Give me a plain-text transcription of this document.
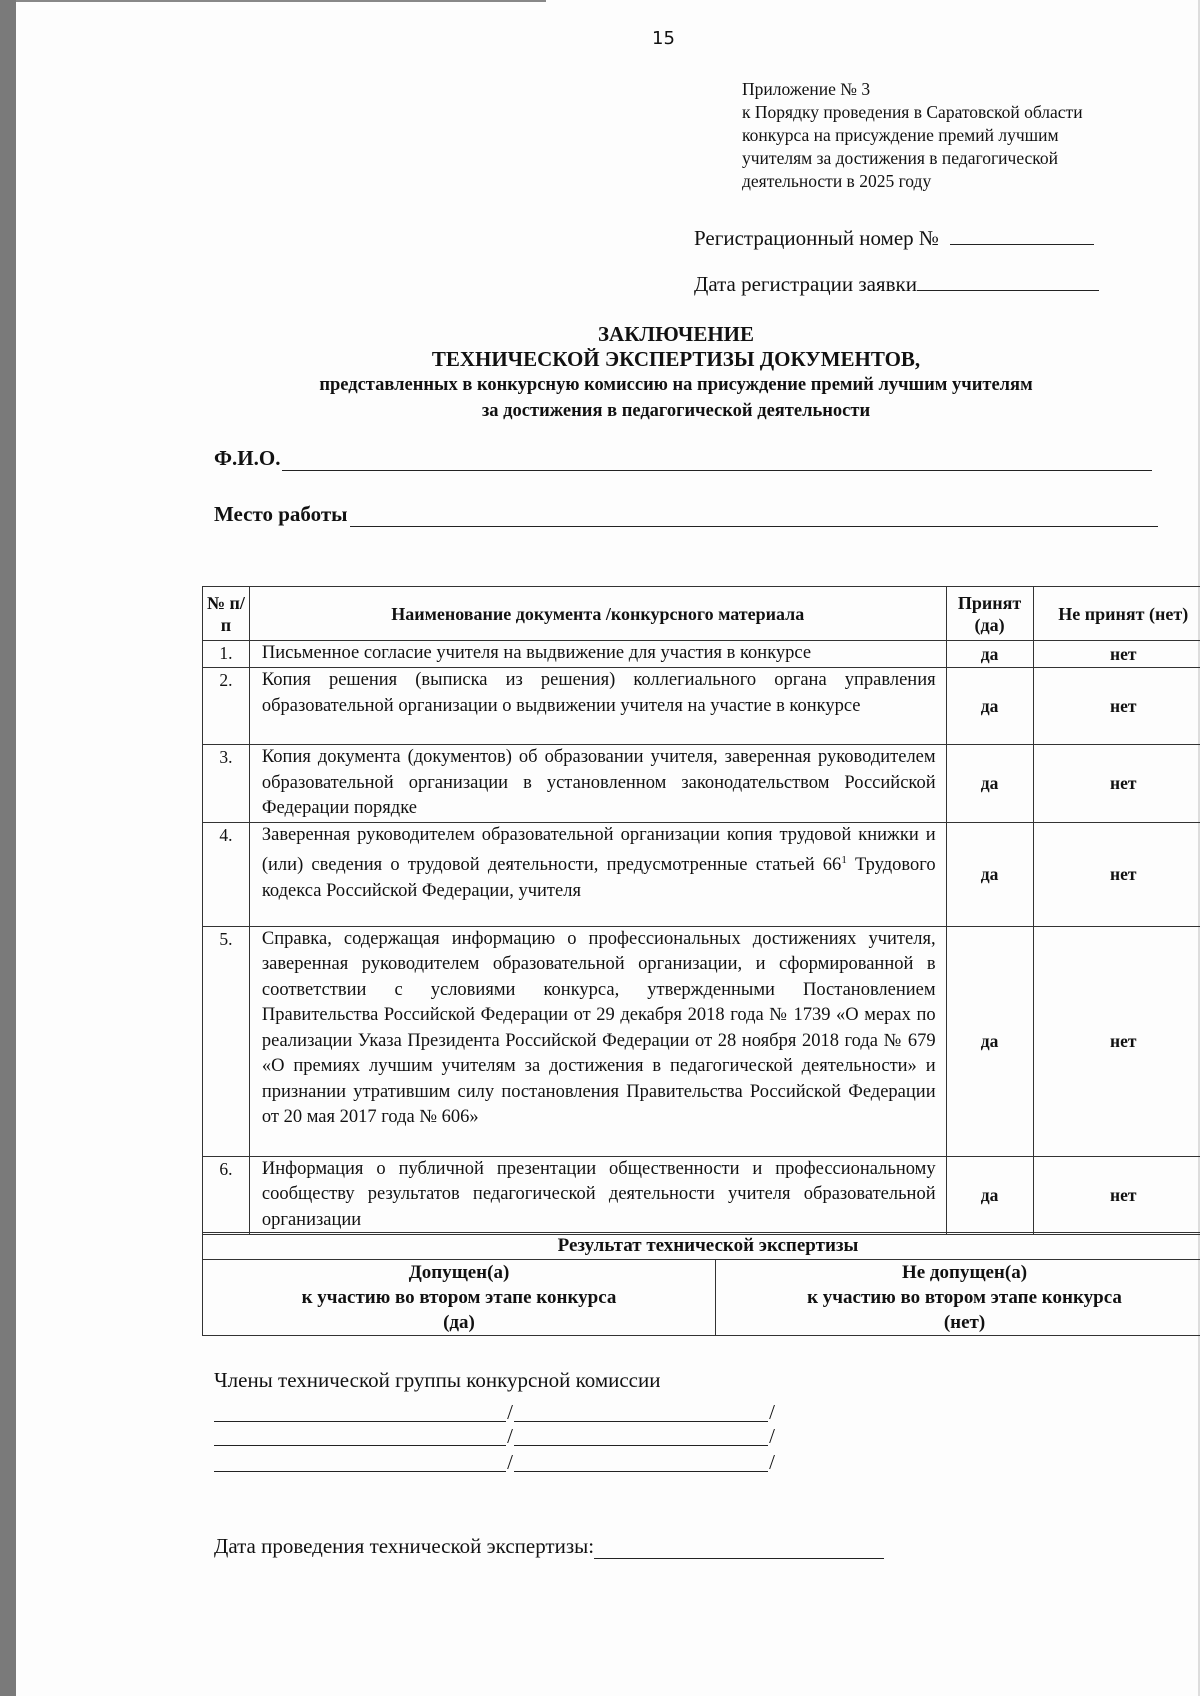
15
Приложение № 3
к Порядку проведения в Саратовской области
конкурса на присуждение премий лучшим
учителям за достижения в педагогической
деятельности в 2025 году
Регистрационный номер №
Дата регистрации заявки
ЗАКЛЮЧЕНИЕ
ТЕХНИЧЕСКОЙ ЭКСПЕРТИЗЫ ДОКУМЕНТОВ,
представленных в конкурсную комиссию на присуждение премий лучшим учителям
за достижения в педагогической деятельности
Ф.И.О.
Место работы
№ п/п	Наименование документа /конкурсного материала	Принят (да)	Не принят (нет)
1.	Письменное согласие учителя на выдвижение для участия в конкурсе	да	нет
2.	Копия решения (выписка из решения) коллегиального органа управления образовательной организации о выдвижении учителя на участие в конкурсе	да	нет
3.	Копия документа (документов) об образовании учителя, заверенная руководителем образовательной организации в установленном законодательством Российской Федерации порядке	да	нет
4.	Заверенная руководителем образовательной организации копия трудовой книжки и (или) сведения о трудовой деятельности, предусмотренные статьей $66^1$ Трудового кодекса Российской Федерации, учителя	да	нет
5.	Справка, содержащая информацию о профессиональных достижениях учителя, заверенная руководителем образовательной организации, и сформированной в соответствии с условиями конкурса, утвержденными Постановлением Правительства Российской Федерации от 29 декабря 2018 года № 1739 «О мерах по реализации Указа Президента Российской Федерации от 28 ноября 2018 года № 679 «О премиях лучшим учителям за достижения в педагогической деятельности» и признании утратившим силу постановления Правительства Российской Федерации от 20 мая 2017 года № 606»	да	нет
6.	Информация о публичной презентации общественности и профессиональному сообществу результатов педагогической деятельности учителя образовательной организации	да	нет
Результат технической экспертизы

Допущен(а)
к участию во втором этапе конкурса
(да)

Не допущен(а)
к участию во втором этапе конкурса
(нет)
Члены технической группы конкурсной комиссии
/	/
/	/
/	/
Дата проведения технической экспертизы:
